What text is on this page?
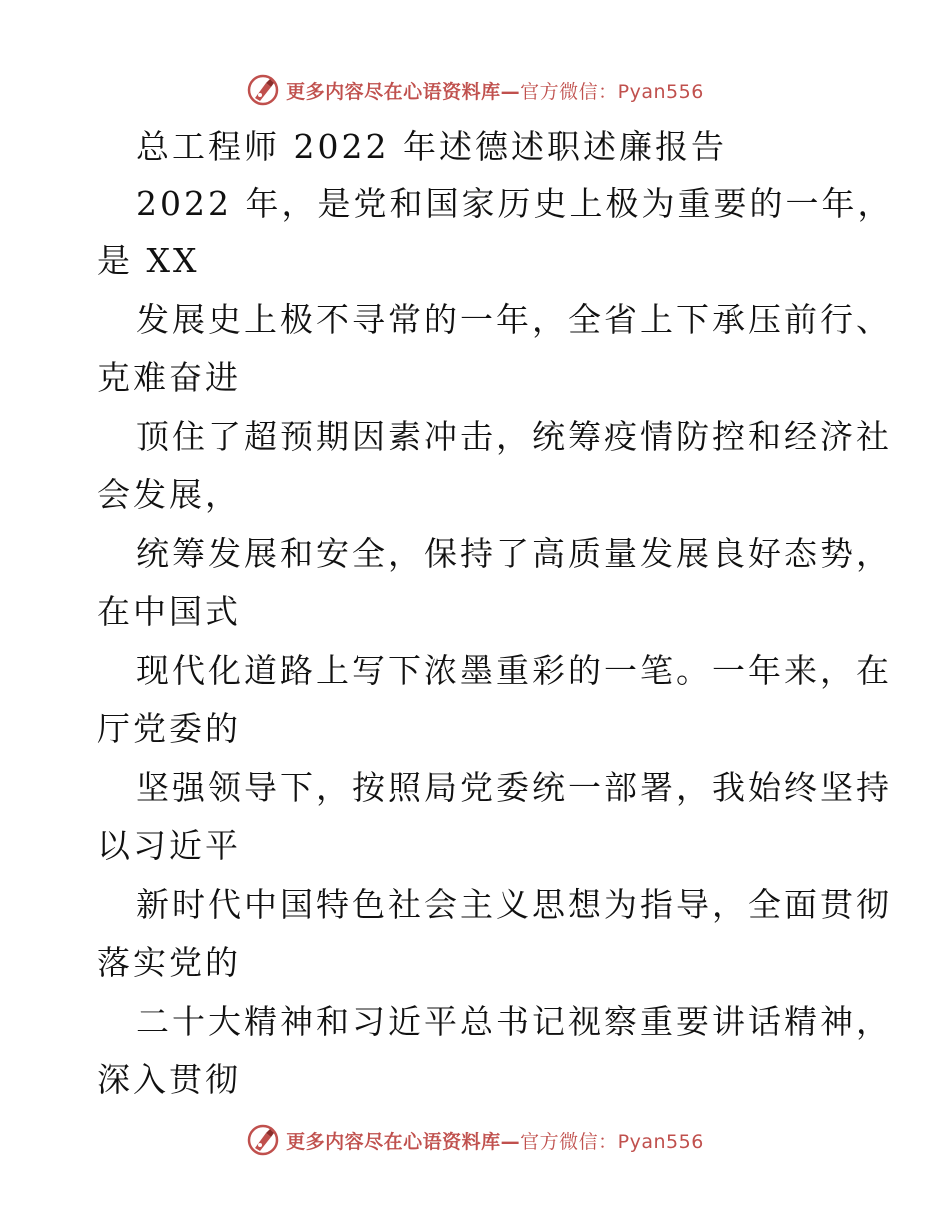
更多内容尽在心语资料库—官方微信：Pyan556
总工程师 2022 年述德述职述廉报告
2022 年，是党和国家历史上极为重要的一年，
是 XX
发展史上极不寻常的一年，全省上下承压前行、
克难奋进
顶住了超预期因素冲击，统筹疫情防控和经济社
会发展，
统筹发展和安全，保持了高质量发展良好态势，
在中国式
现代化道路上写下浓墨重彩的一笔。一年来，在
厅党委的
坚强领导下，按照局党委统一部署，我始终坚持
以习近平
新时代中国特色社会主义思想为指导，全面贯彻
落实党的
二十大精神和习近平总书记视察重要讲话精神，
深入贯彻
更多内容尽在心语资料库—官方微信：Pyan556
